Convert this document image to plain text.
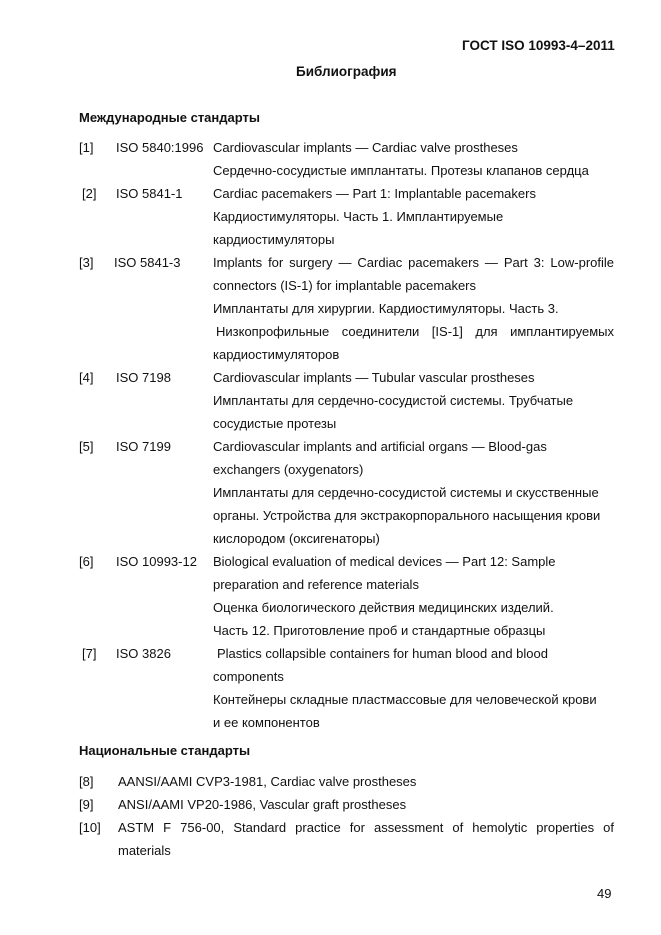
ГОСТ ISO 10993-4–2011
Библиография
Международные стандарты
[1] ISO 5840:1996 Cardiovascular implants — Cardiac valve prostheses
Сердечно-сосудистые имплантаты. Протезы клапанов сердца
[2] ISO 5841-1 Cardiac pacemakers — Part 1: Implantable pacemakers
Кардиостимуляторы. Часть 1. Имплантируемые
кардиостимуляторы
[3] ISO 5841-3	Implants for surgery — Cardiac pacemakers — Part 3: Low-profile
connectors (IS-1) for implantable pacemakers
Имплантаты для хирургии. Кардиостимуляторы. Часть 3.
Низкопрофильные соединители [IS-1] для имплантируемых
кардиостимуляторов
[4] ISO 7198	Cardiovascular implants — Tubular vascular prostheses
Имплантаты для сердечно-сосудистой системы. Трубчатые
сосудистые протезы
[5] ISO 7199	Cardiovascular implants and artificial organs — Blood-gas
exchangers (oxygenators)
Имплантаты для сердечно-сосудистой системы и скусственные
органы. Устройства для экстракорпорального насыщения крови
кислородом (оксигенаторы)
[6] ISO 10993-12 Biological evaluation of medical devices — Part 12: Sample
preparation and reference materials
Оценка биологического действия медицинских изделий.
Часть 12. Приготовление проб и стандартные образцы
[7] ISO 3826	Plastics collapsible containers for human blood and blood
components
Контейнеры складные пластмассовые для человеческой крови
и ее компонентов
Национальные стандарты
[8] AANSI/AAMI CVP3-1981, Cardiac valve prostheses
[9] ANSI/AAMI VP20-1986, Vascular graft prostheses
[10] ASTM F 756-00, Standard practice for assessment of hemolytic properties of
materials
49
